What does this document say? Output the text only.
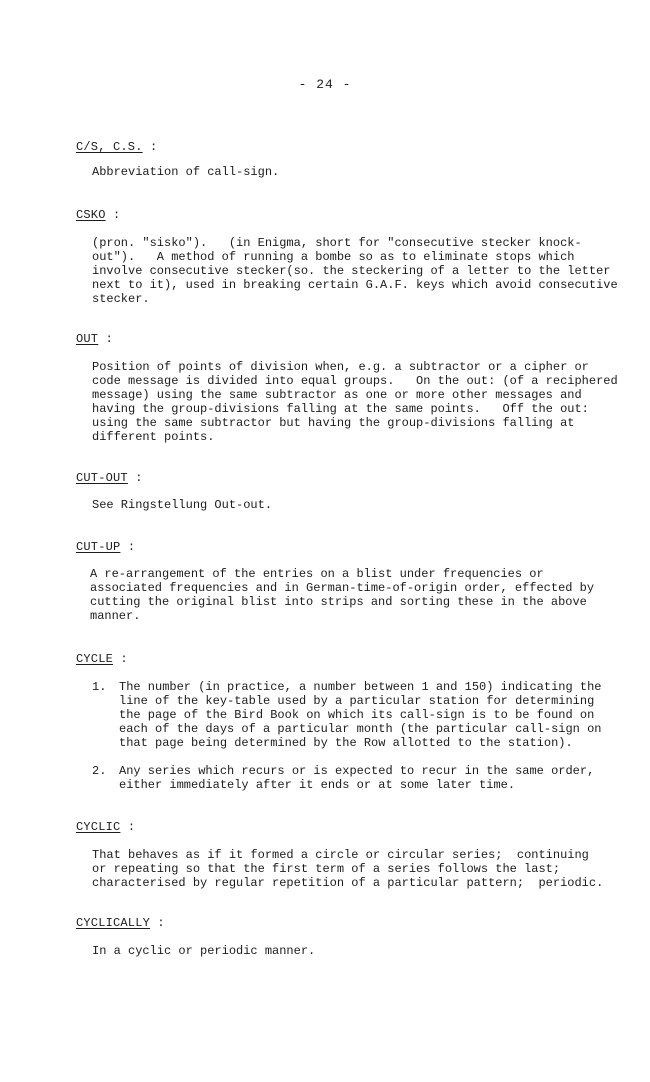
- 24 -
C/S, C.S. :
Abbreviation of call-sign.
CSKO :
(pron. "sisko").   (in Enigma, short for "consecutive stecker knock-
out").   A method of running a bombe so as to eliminate stops which
involve consecutive stecker(so. the steckering of a letter to the letter
next to it), used in breaking certain G.A.F. keys which avoid consecutive
stecker.
OUT :
Position of points of division when, e.g. a subtractor or a cipher or
code message is divided into equal groups.   On the out: (of a reciphered
message) using the same subtractor as one or more other messages and
having the group-divisions falling at the same points.   Off the out:
using the same subtractor but having the group-divisions falling at
different points.
CUT-OUT :
See Ringstellung Out-out.
CUT-UP :
A re-arrangement of the entries on a blist under frequencies or
associated frequencies and in German-time-of-origin order, effected by
cutting the original blist into strips and sorting these in the above
manner.
CYCLE :
1. The number (in practice, a number between 1 and 150) indicating the
line of the key-table used by a particular station for determining
the page of the Bird Book on which its call-sign is to be found on
each of the days of a particular month (the particular call-sign on
that page being determined by the Row allotted to the station).
2. Any series which recurs or is expected to recur in the same order,
either immediately after it ends or at some later time.
CYCLIC :
That behaves as if it formed a circle or circular series;  continuing
or repeating so that the first term of a series follows the last;
characterised by regular repetition of a particular pattern;  periodic.
CYCLICALLY :
In a cyclic or periodic manner.
